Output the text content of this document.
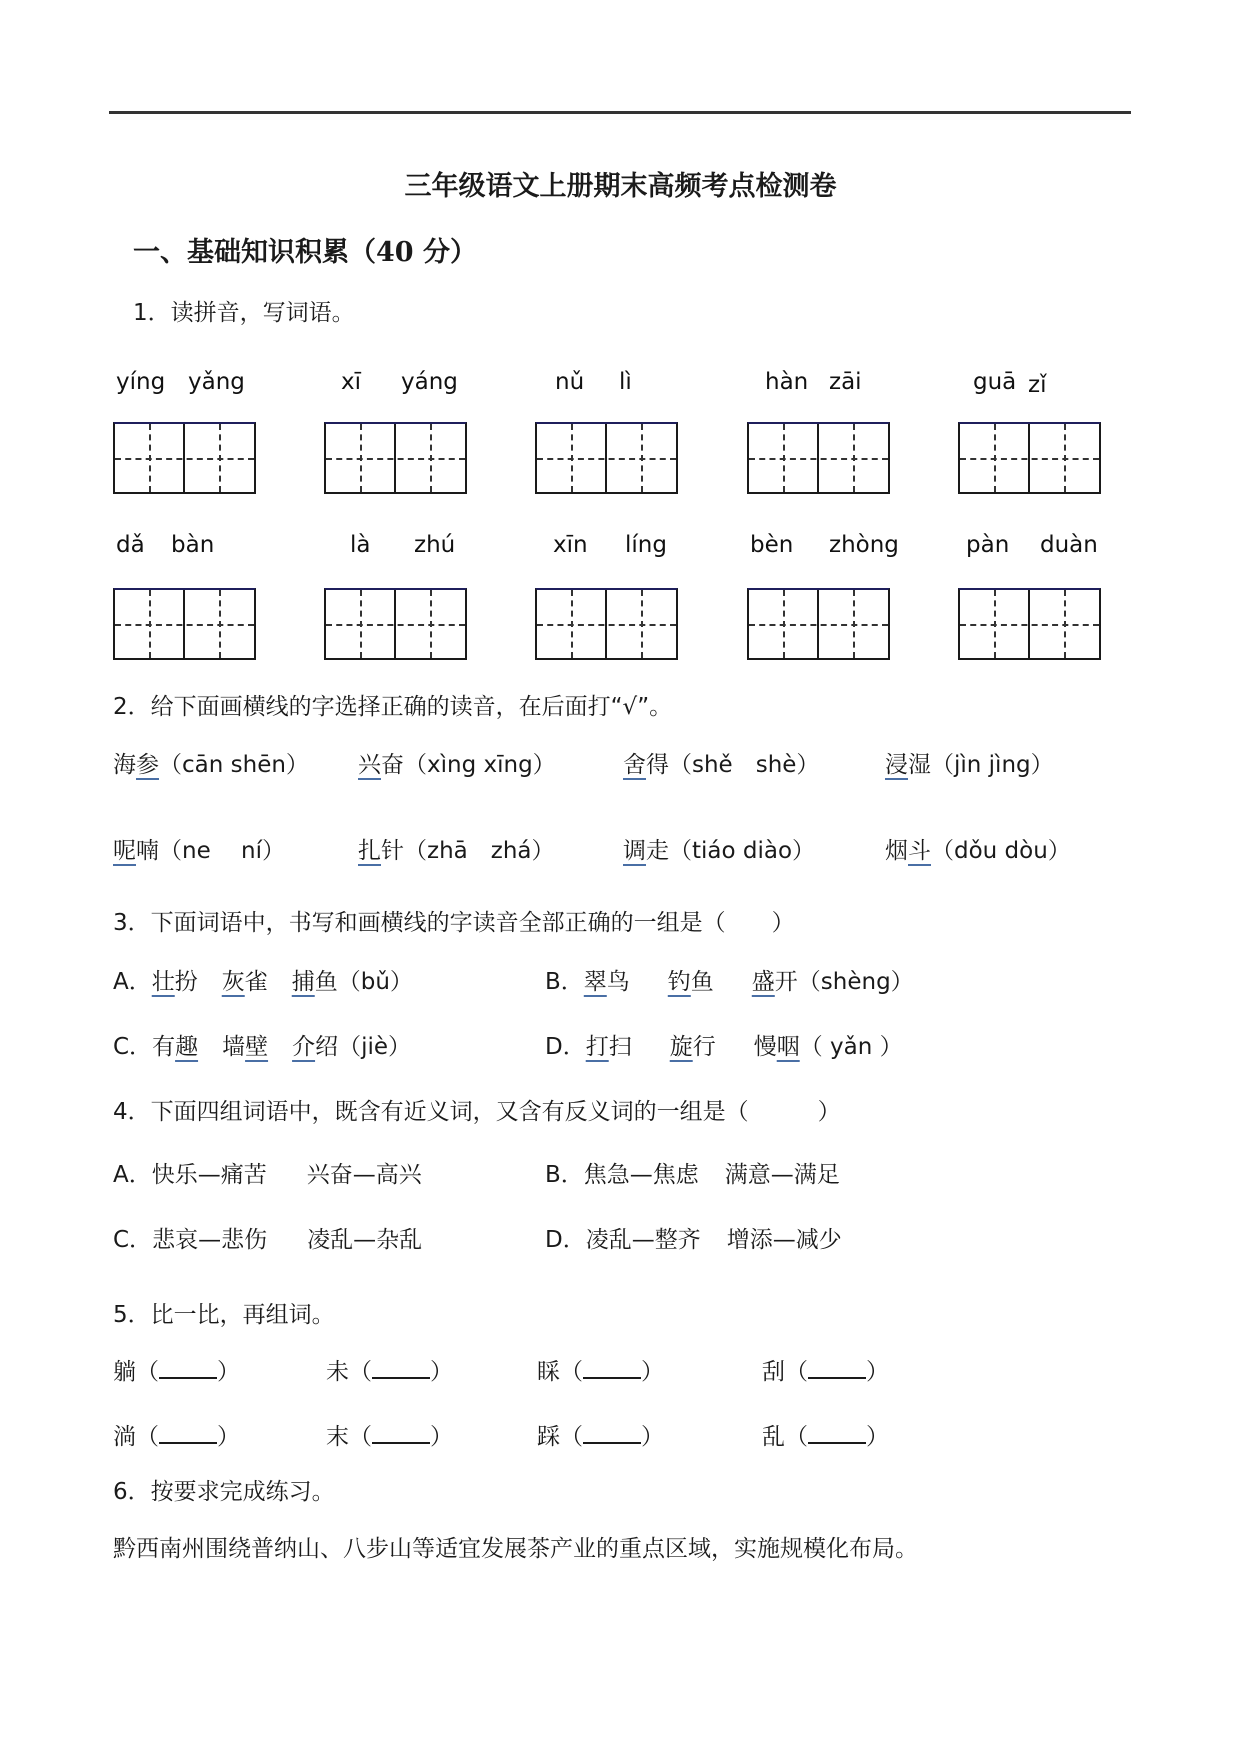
三年级语文上册期末高频考点检测卷
一、基础知识积累（40 分）
1．读拼音，写词语。
yíng yǎng	xī yáng	nǔ lì	hàn zāi	guā zǐ
dǎ bàn	là zhú	xīn líng	bèn zhòng	pàn duàn
2．给下面画横线的字选择正确的读音，在后面打“√”。
海参（cān shēn） 兴奋（xìng xīng）	舍得（shě　shè）	浸湿（jìn jìng）
呢喃（ne　 ní）	扎针（zhā　zhá）	调走（tiáo diào）	烟斗（dǒu dòu）
3．下面词语中，书写和画横线的字读音全部正确的一组是（　　）
A．壮扮 灰雀 捕鱼（bǔ）	B．翠鸟 钓鱼 盛开（shèng）
C．有趣 墙壁 介绍（jiè）	D．打扫 旋行 慢咽（ yǎn ）
4．下面四组词语中，既含有近义词，又含有反义词的一组是（　　　）
A．快乐—痛苦 兴奋—高兴	B．焦急—焦虑 满意—满足
C．悲哀—悲伤 凌乱—杂乱	D．凌乱—整齐 增添—减少
5．比一比，再组词。
躺（	）	未（	）	睬（	）	刮（	）
淌（	）	末（	）	踩（	）	乱（	）
6．按要求完成练习。
黔西南州围绕普纳山、八步山等适宜发展茶产业的重点区域，实施规模化布局。
